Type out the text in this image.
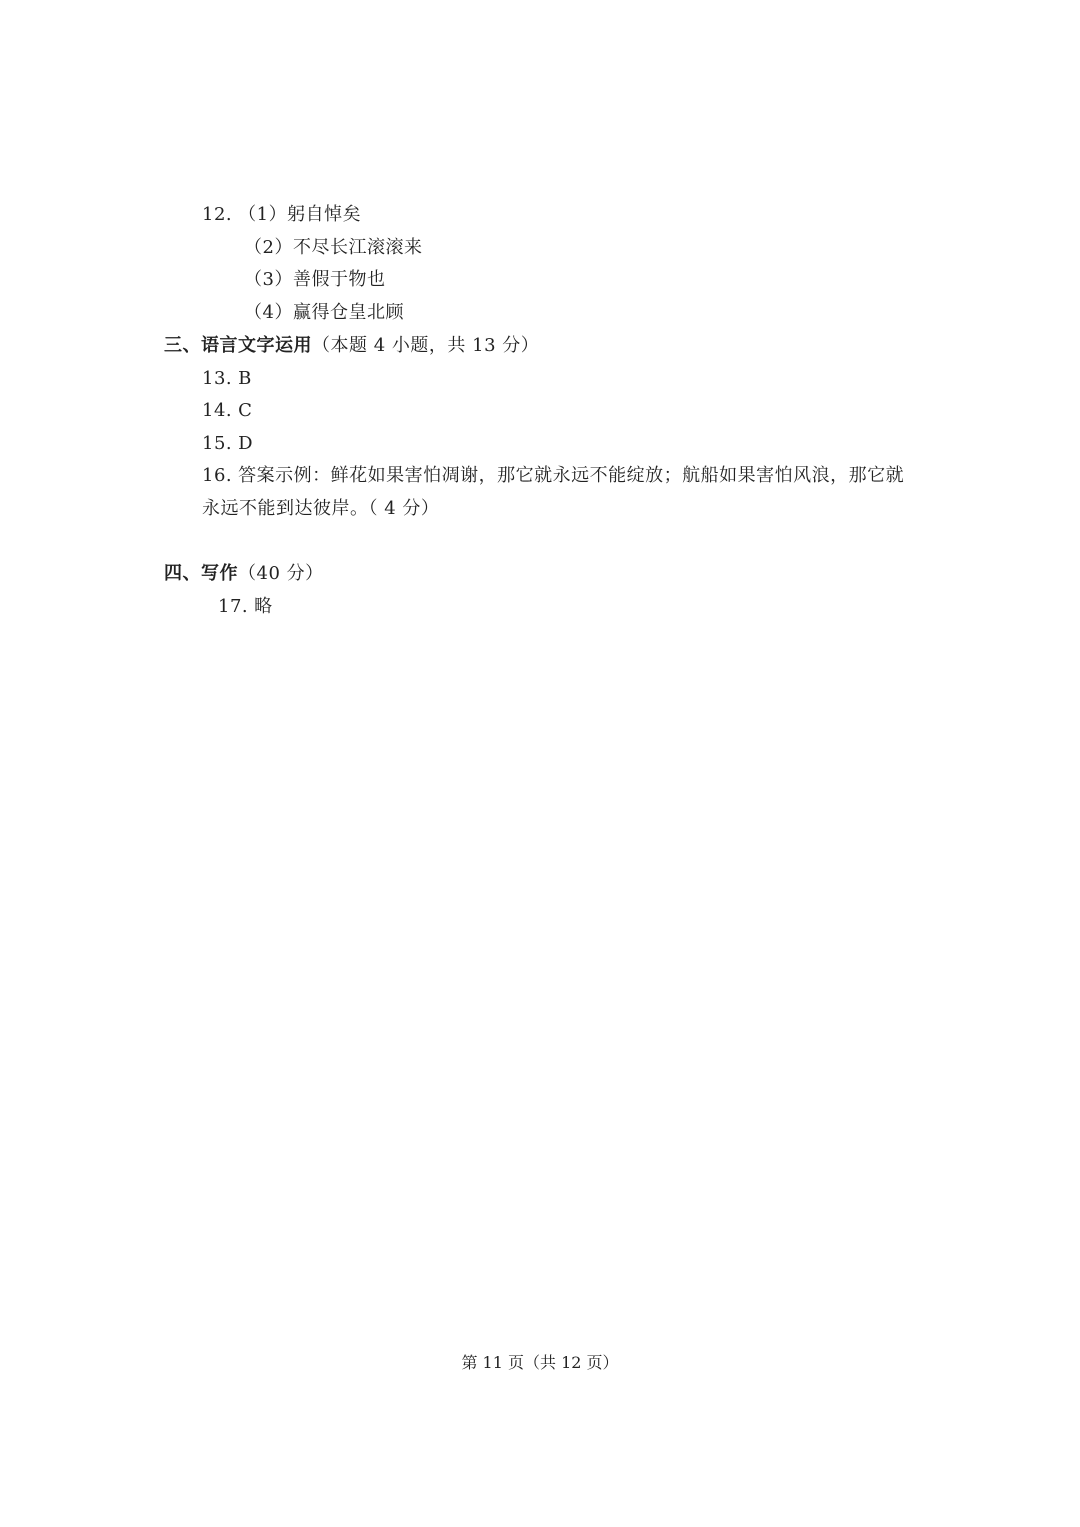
12. （1）躬自悼矣
（2）不尽长江滚滚来
（3）善假于物也
（4）赢得仓皇北顾
三、语言文字运用（本题 4 小题，共 13 分）
13. B
14. C
15. D
16. 答案示例：鲜花如果害怕凋谢，那它就永远不能绽放；航船如果害怕风浪，那它就
永远不能到达彼岸。（ 4 分）
四、写作（40 分）
17. 略
第 11 页（共 12 页）
